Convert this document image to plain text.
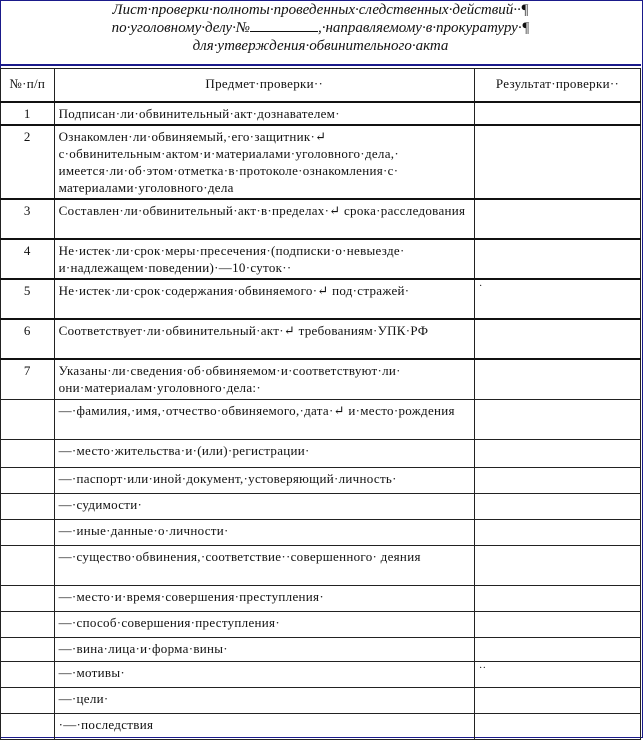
Лист·проверки·полноты·проведенных·следственных·действий··¶
по·уголовному·делу·№	,·направляемому·в·прокуратуру·¶
для·утверждения·обвинительного·акта
№·п/п	Предмет·проверки··	Результат·проверки··
1	Подписан·ли·обвинительный·акт·дознавателем·	
2	Ознакомлен·ли·обвиняемый,·его·защитник·↵ с·обвинительным·актом·и·материалами·уголовного·дела,· имеется·ли·об·этом·отметка·в·протоколе·ознакомления·с· материалами·уголовного·дела	
3	Составлен·ли·обвинительный·акт·в·пределах·↵ срока·расследования	
4	Не·истек·ли·срок·меры·пресечения·(подписки·о·невыезде· и·надлежащем·поведении)·—10·суток··	
5	Не·истек·ли·срок·содержания·обвиняемого·↵ под·стражей·	·
6	Соответствует·ли·обвинительный·акт·↵ требованиям·УПК·РФ	
7	Указаны·ли·сведения·об·обвиняемом·и·соответствуют·ли· они·материалам·уголовного·дела:·	
	—·фамилия,·имя,·отчество·обвиняемого,·дата·↵ и·место·рождения	
	—·место·жительства·и·(или)·регистрации·	
	—·паспорт·или·иной·документ,·устоверяющий·личность·	
	—·судимости·	
	—·иные·данные·о·личности·	
	—·существо·обвинения,·соответствие··совершенного· деяния	
	—·место·и·время·совершения·преступления·	
	—·способ·совершения·преступления·	
	—·вина·лица·и·форма·вины·	
	—·мотивы·	··
	—·цели·	
	·—·последствия	
